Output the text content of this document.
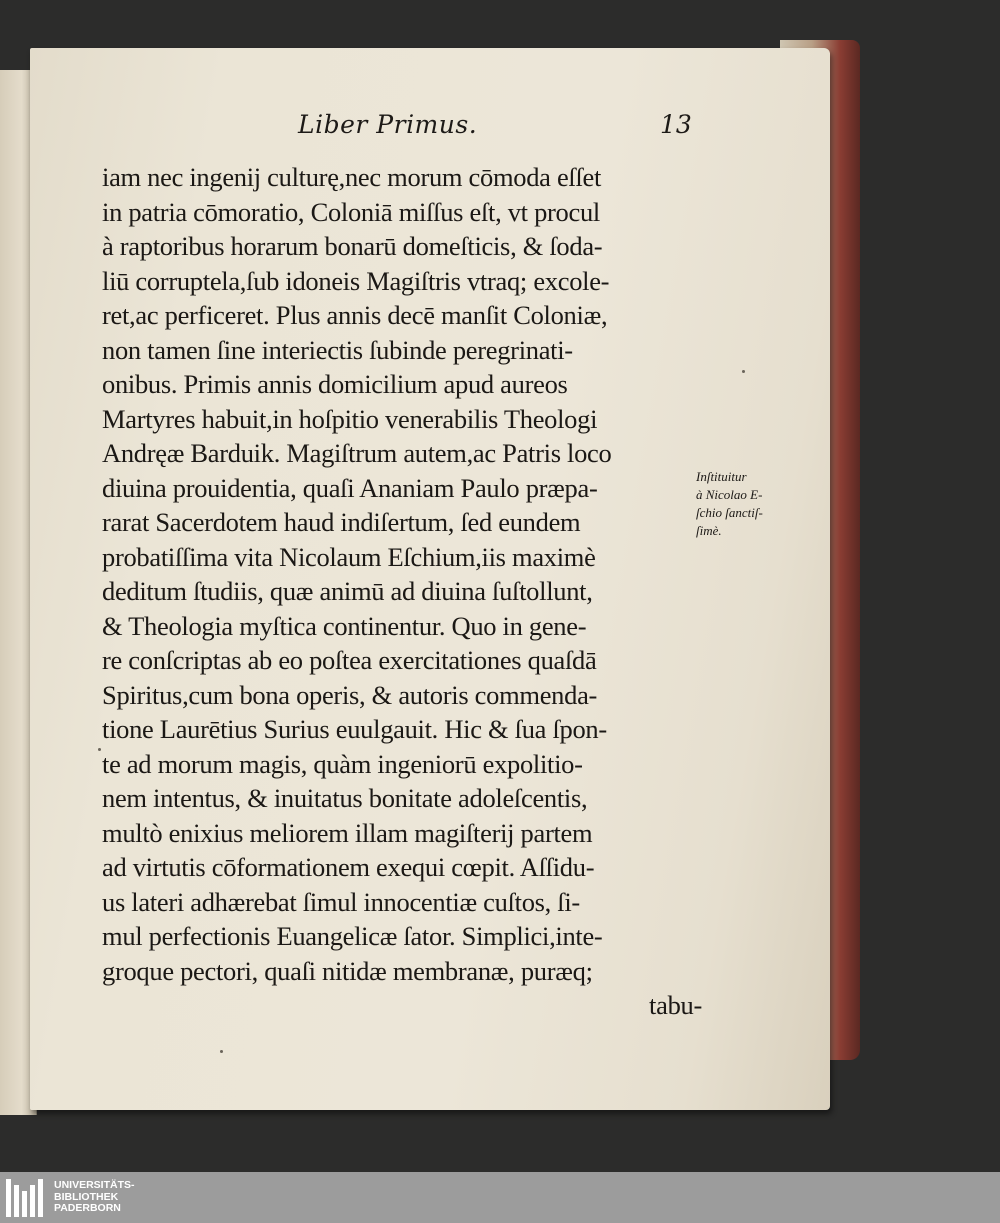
Liber Primus.	13
iam nec ingenij culturę,nec morum cōmoda eſſet
in patria cōmoratio, Coloniā miſſus eſt, vt procul
à raptoribus horarum bonarū domeſticis, & ſoda-
liū corruptela,ſub idoneis Magiſtris vtraq; excole-
ret,ac perficeret. Plus annis decē manſit Coloniæ,
non tamen ſine interiectis ſubinde peregrinati-
onibus. Primis annis domicilium apud aureos
Martyres habuit,in hoſpitio venerabilis Theologi
Andręæ Barduik. Magiſtrum autem,ac Patris loco
diuina prouidentia, quaſi Ananiam Paulo præpa-
rarat Sacerdotem haud indiſertum, ſed eundem
probatiſſima vita Nicolaum Eſchium,iis maximè
deditum ſtudiis, quæ animū ad diuina ſuſtollunt,
& Theologia myſtica continentur. Quo in gene-
re conſcriptas ab eo poſtea exercitationes quaſdā
Spiritus,cum bona operis, & autoris commenda-
tione Laurētius Surius euulgauit. Hic & ſua ſpon-
te ad morum magis, quàm ingeniorū expolitio-
nem intentus, & inuitatus bonitate adoleſcentis,
multò enixius meliorem illam magiſterij partem
ad virtutis cōformationem exequi cœpit. Aſſidu-
us lateri adhærebat ſimul innocentiæ cuſtos, ſi-
mul perfectionis Euangelicæ ſator. Simplici,inte-
groque pectori, quaſi nitidæ membranæ, puræq;
tabu-
Inſtituitur
à Nicolao E-
ſchio ſanctiſ-
ſimè.
UNIVERSITÄTS-
BIBLIOTHEK
PADERBORN
